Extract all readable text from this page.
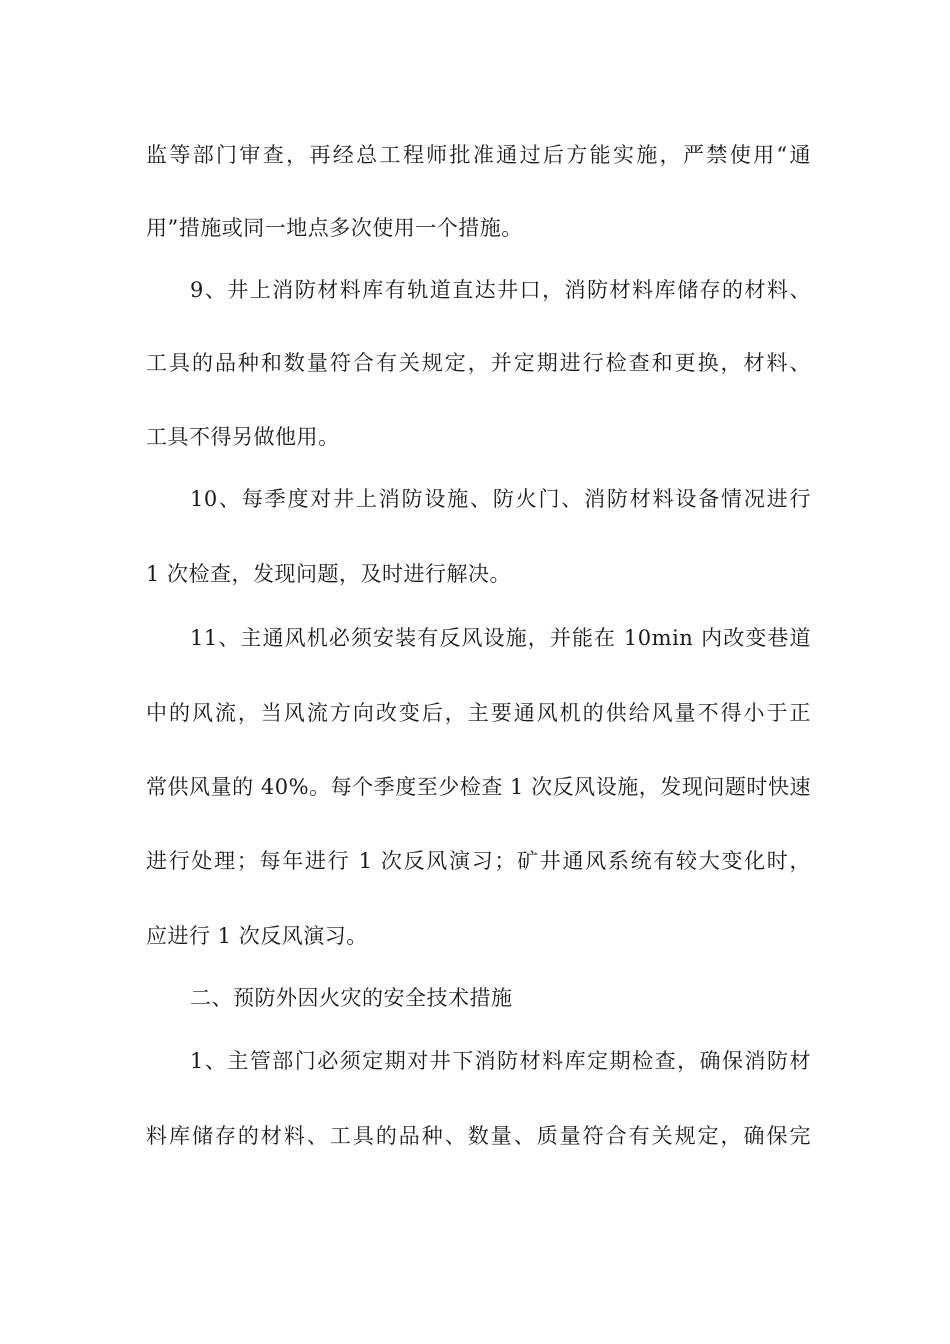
监等部门审查，再经总工程师批准通过后方能实施，严禁使用“通
用”措施或同一地点多次使用一个措施。
9、井上消防材料库有轨道直达井口，消防材料库储存的材料、
工具的品种和数量符合有关规定，并定期进行检查和更换，材料、
工具不得另做他用。
10、每季度对井上消防设施、防火门、消防材料设备情况进行
1 次检查，发现问题，及时进行解决。
11、主通风机必须安装有反风设施，并能在 10min 内改变巷道
中的风流，当风流方向改变后，主要通风机的供给风量不得小于正
常供风量的 40%。每个季度至少检查 1 次反风设施，发现问题时快速
进行处理；每年进行 1 次反风演习；矿井通风系统有较大变化时，
应进行 1 次反风演习。
二、预防外因火灾的安全技术措施
1、主管部门必须定期对井下消防材料库定期检查，确保消防材
料库储存的材料、工具的品种、数量、质量符合有关规定，确保完
